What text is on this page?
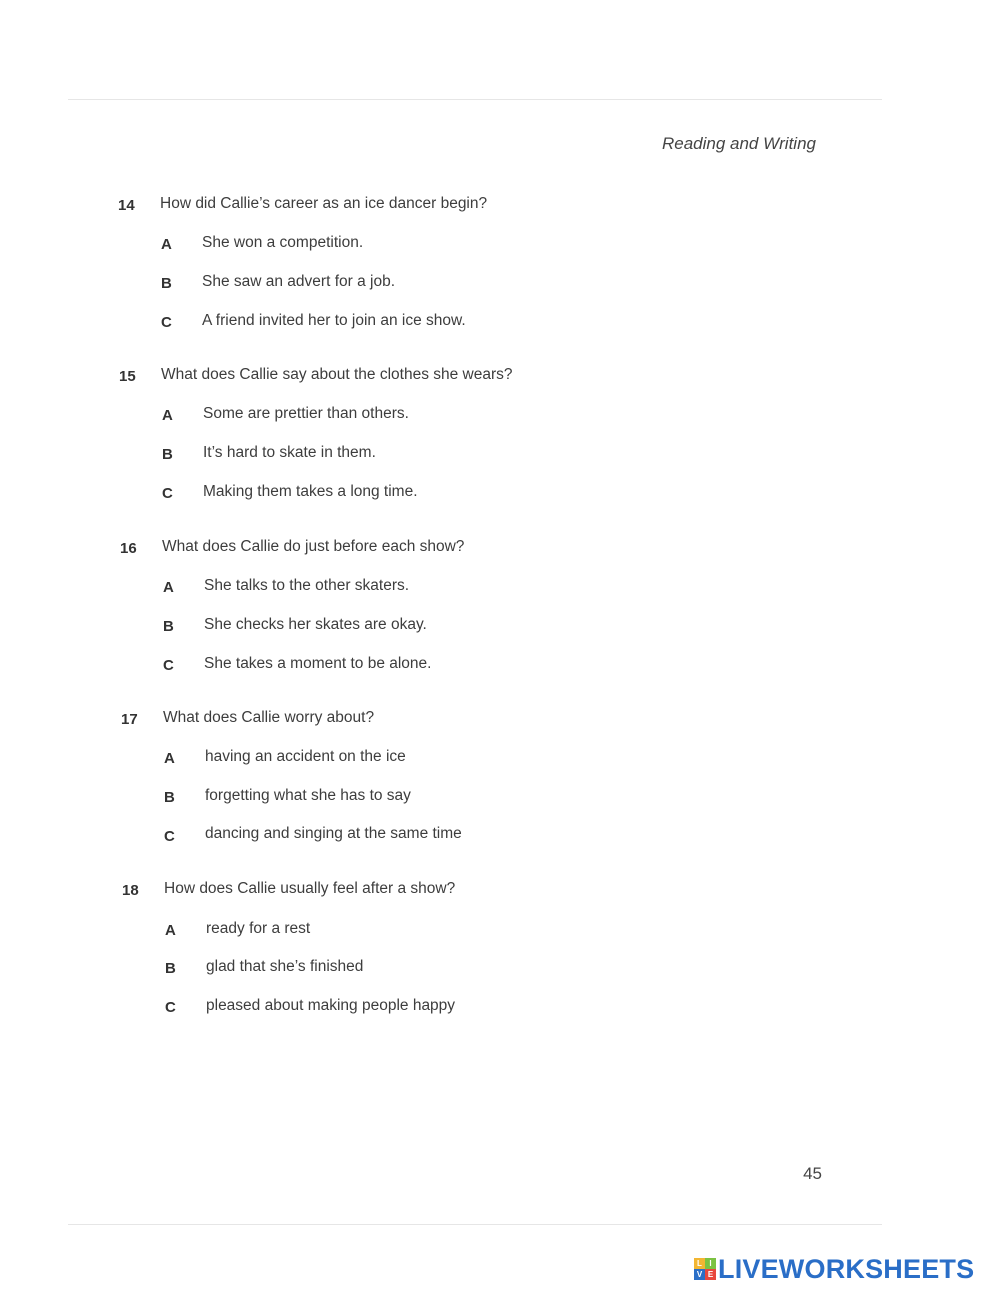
Reading and Writing
14 How did Callie’s career as an ice dancer begin?
A She won a competition.
B She saw an advert for a job.
C A friend invited her to join an ice show.
15 What does Callie say about the clothes she wears?
A Some are prettier than others.
B It’s hard to skate in them.
C Making them takes a long time.
16 What does Callie do just before each show?
A She talks to the other skaters.
B She checks her skates are okay.
C She takes a moment to be alone.
17 What does Callie worry about?
A having an accident on the ice
B forgetting what she has to say
C dancing and singing at the same time
18 How does Callie usually feel after a show?
A ready for a rest
B glad that she’s finished
C pleased about making people happy
45
L I
V E LIVEWORKSHEETS
